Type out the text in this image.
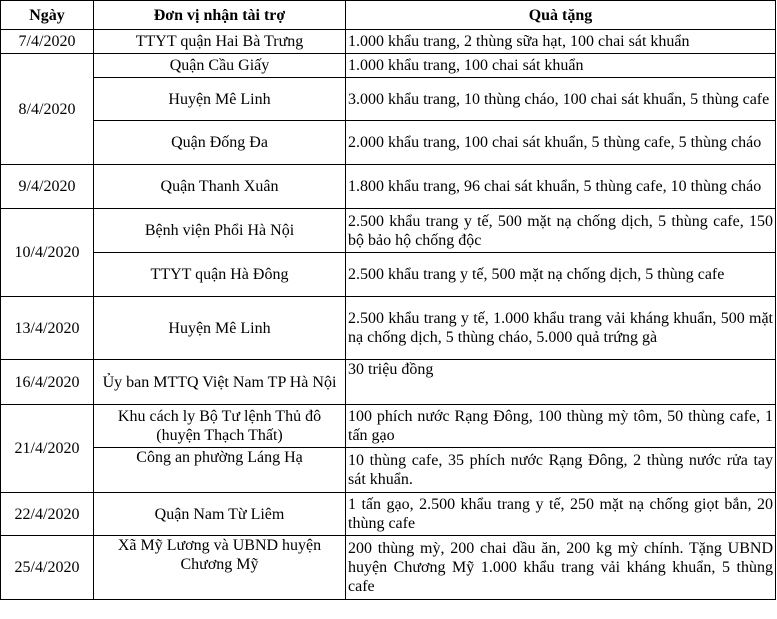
Ngày	Đơn vị nhận tài trợ	Quà tặng
7/4/2020	TTYT quận Hai Bà Trưng	1.000 khẩu trang, 2 thùng sữa hạt, 100 chai sát khuẩn
8/4/2020	Quận Cầu Giấy	1.000 khẩu trang, 100 chai sát khuẩn
	Huyện Mê Linh	3.000 khẩu trang, 10 thùng cháo, 100 chai sát khuẩn, 5 thùng cafe
	Quận Đống Đa	2.000 khẩu trang, 100 chai sát khuẩn, 5 thùng cafe, 5 thùng cháo
9/4/2020	Quận Thanh Xuân	1.800 khẩu trang, 96 chai sát khuẩn, 5 thùng cafe, 10 thùng cháo
10/4/2020	Bệnh viện Phổi Hà Nội	2.500 khẩu trang y tế, 500 mặt nạ chống dịch, 5 thùng cafe, 150 bộ bảo hộ chống độc
	TTYT quận Hà Đông	2.500 khẩu trang y tế, 500 mặt nạ chống dịch, 5 thùng cafe
13/4/2020	Huyện Mê Linh	2.500 khẩu trang y tế, 1.000 khẩu trang vải kháng khuẩn, 500 mặt nạ chống dịch, 5 thùng cháo, 5.000 quả trứng gà
16/4/2020	Ủy ban MTTQ Việt Nam TP Hà Nội	30 triệu đồng
21/4/2020	Khu cách ly Bộ Tư lệnh Thủ đô (huyện Thạch Thất)	100 phích nước Rạng Đông, 100 thùng mỳ tôm, 50 thùng cafe, 1 tấn gạo
	Công an phường Láng Hạ	10 thùng cafe, 35 phích nước Rạng Đông, 2 thùng nước rửa tay sát khuẩn.
22/4/2020	Quận Nam Từ Liêm	1 tấn gạo, 2.500 khẩu trang y tế, 250 mặt nạ chống giọt bắn, 20 thùng cafe
25/4/2020	Xã Mỹ Lương và UBND huyện Chương Mỹ	200 thùng mỳ, 200 chai dầu ăn, 200 kg mỳ chính. Tặng UBND huyện Chương Mỹ 1.000 khẩu trang vải kháng khuẩn, 5 thùng cafe
